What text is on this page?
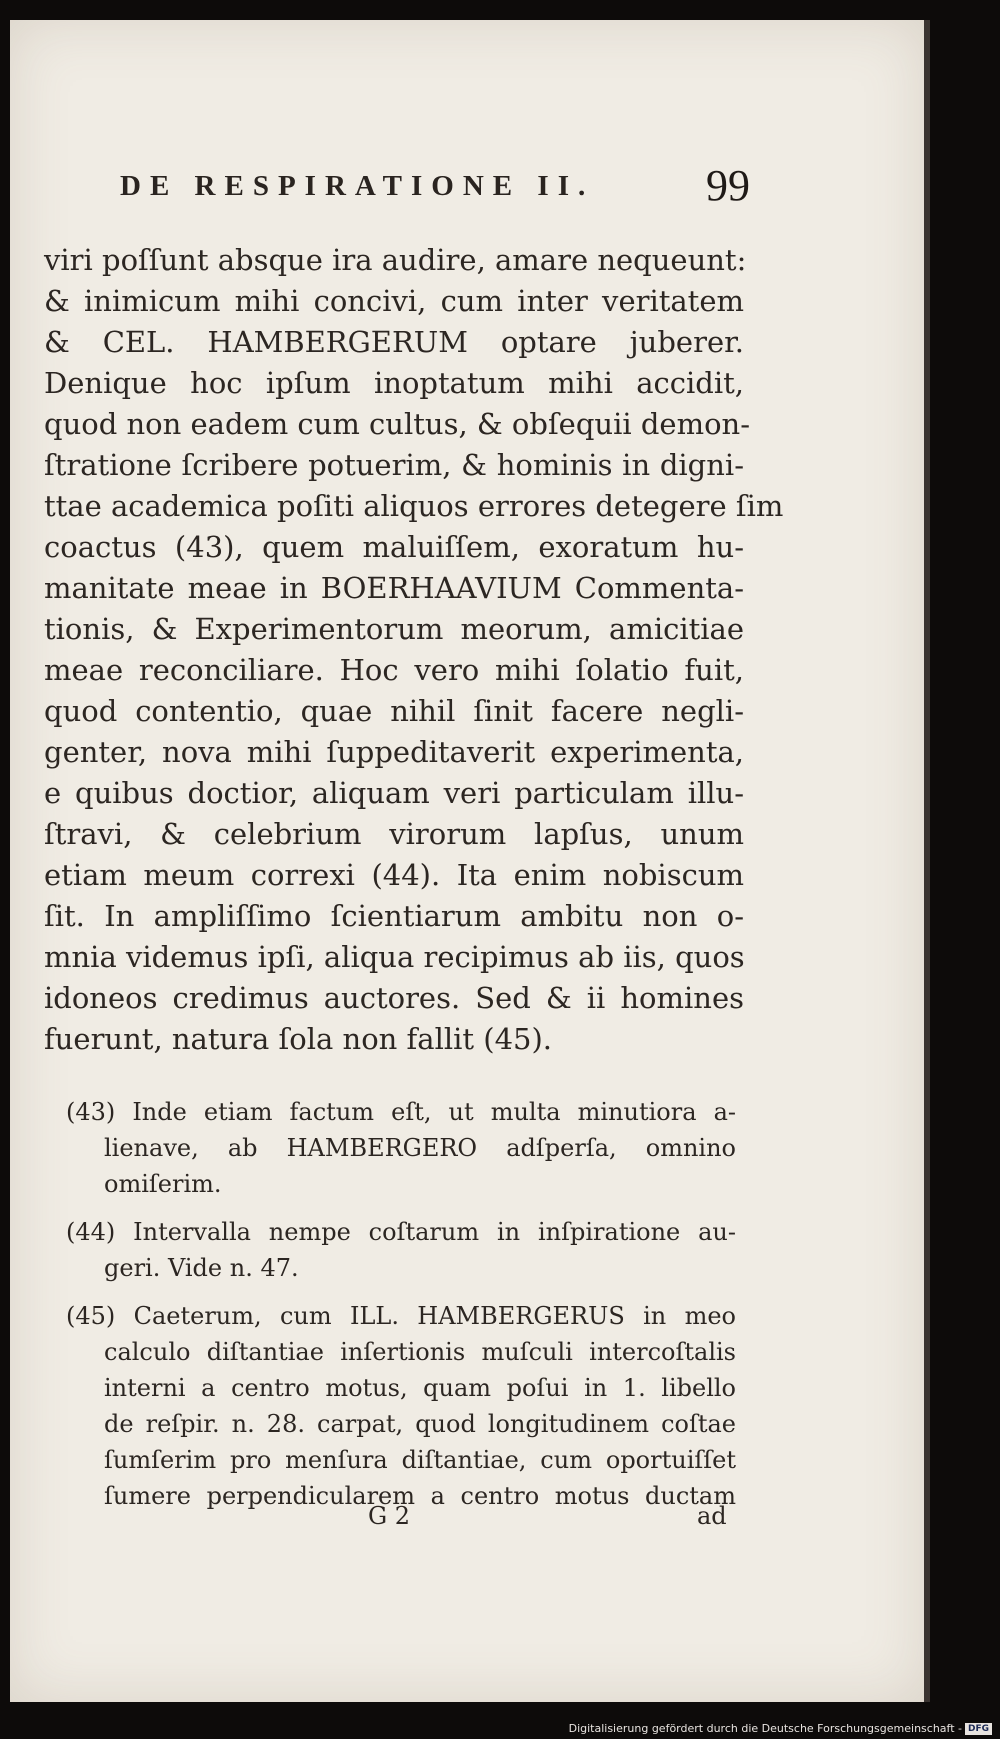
DE RESPIRATIONE II.	99
viri poſſunt absque ira audire, amare nequeunt:
& inimicum mihi concivi, cum inter veritatem
& CEL. HAMBERGERUM optare juberer.
Denique hoc ipſum inoptatum mihi accidit,
quod non eadem cum cultus, & obſequii demon-
ſtratione ſcribere potuerim, & hominis in digni-
ttae academica poſiti aliquos errores detegere ſim
coactus (43), quem maluiſſem, exoratum hu-
manitate meae in BOERHAAVIUM Commenta-
tionis, & Experimentorum meorum, amicitiae
meae reconciliare. Hoc vero mihi ſolatio fuit,
quod contentio, quae nihil ſinit facere negli-
genter, nova mihi ſuppeditaverit experimenta,
e quibus doctior, aliquam veri particulam illu-
ſtravi, & celebrium virorum lapſus, unum
etiam meum correxi (44). Ita enim nobiscum
ſit. In ampliſſimo ſcientiarum ambitu non o-
mnia videmus ipſi, aliqua recipimus ab iis, quos
idoneos credimus auctores. Sed & ii homines
fuerunt, natura ſola non fallit (45).
(43) Inde etiam factum eſt, ut multa minutiora a-
lienave, ab HAMBERGERO adſperſa, omnino
omiſerim.
(44) Intervalla nempe coſtarum in inſpiratione au-
geri. Vide n. 47.
(45) Caeterum, cum ILL. HAMBERGERUS in meo
calculo diſtantiae inſertionis muſculi intercoſtalis
interni a centro motus, quam poſui in 1. libello
de reſpir. n. 28. carpat, quod longitudinem coſtae
ſumſerim pro menſura diſtantiae, cum oportuiſſet
ſumere perpendicularem a centro motus ductam
G 2	ad
Digitalisierung gefördert durch die Deutsche Forschungsgemeinschaft - DFG
